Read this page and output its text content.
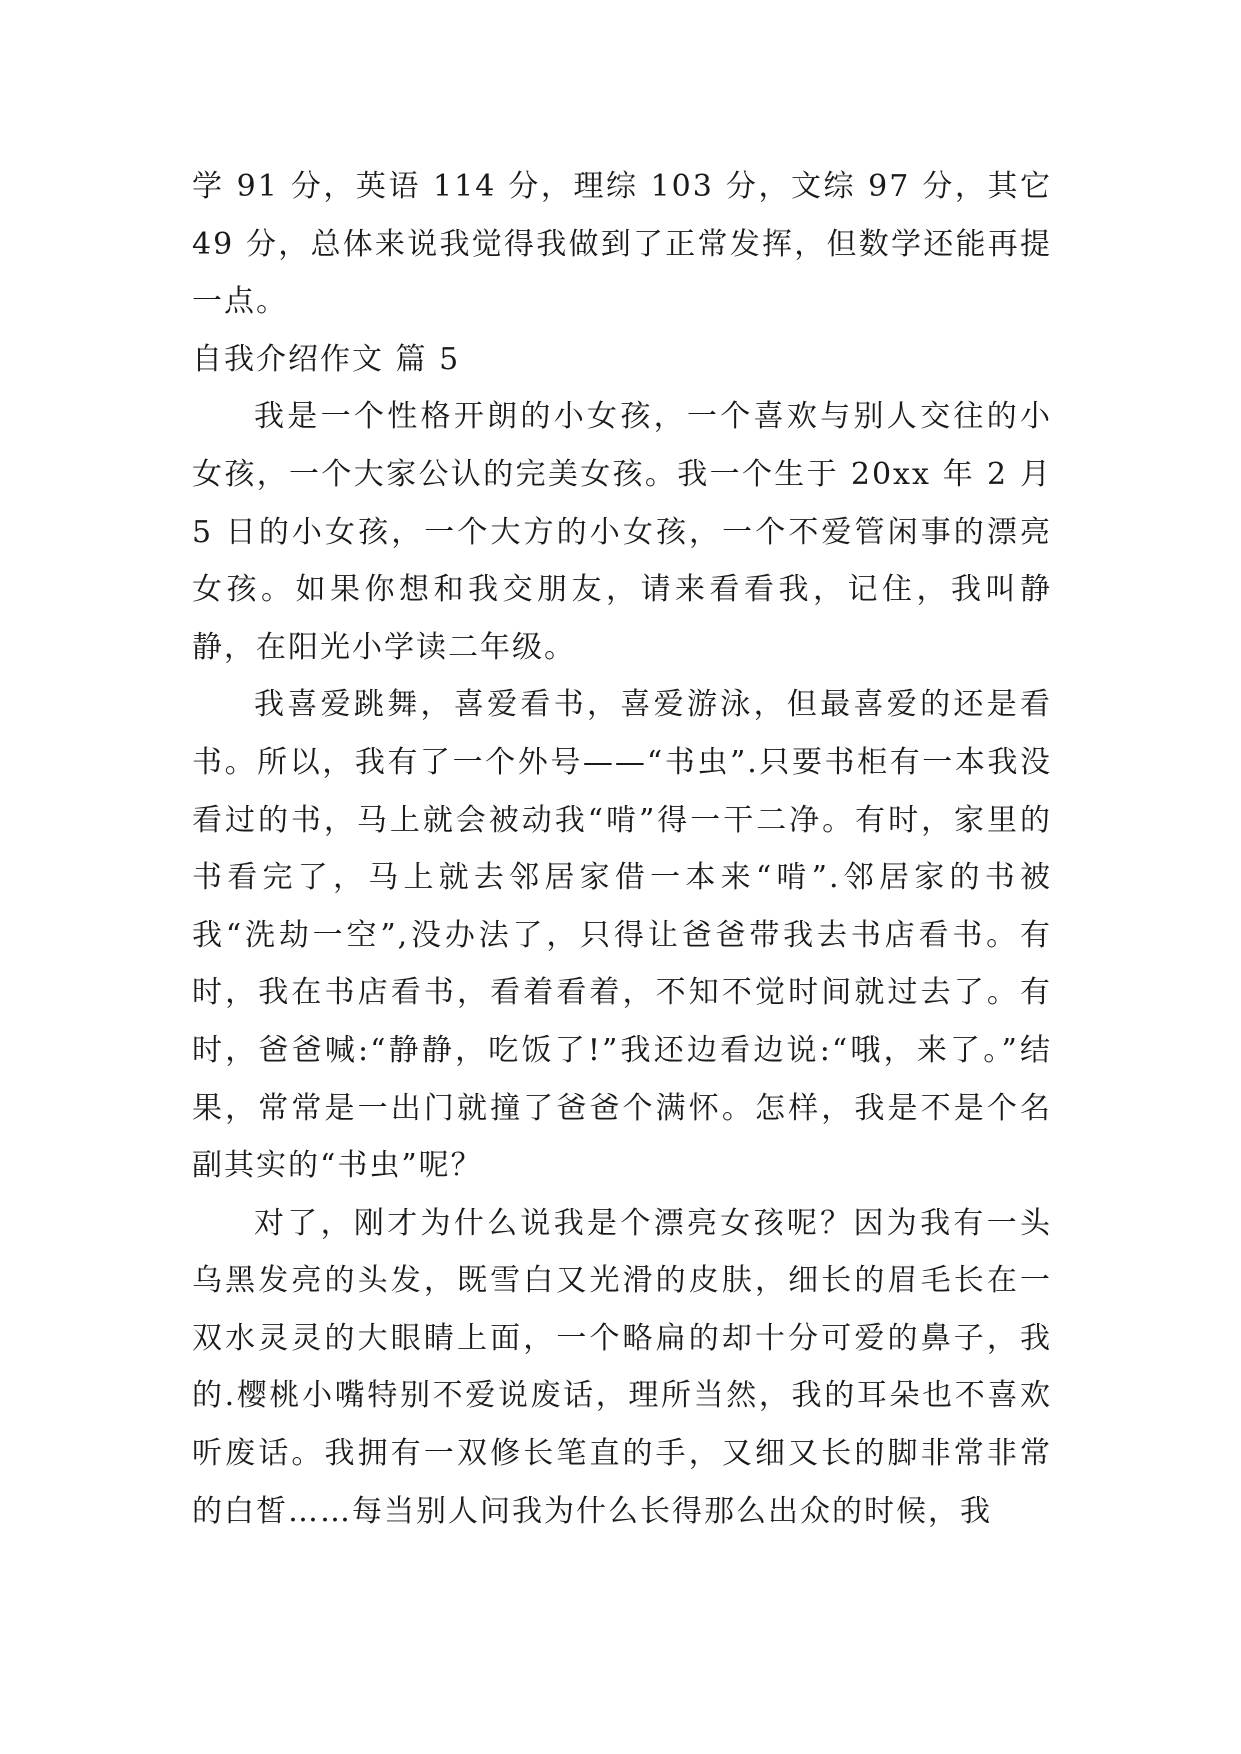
学 91 分，英语 114 分，理综 103 分，文综 97 分，其它 49 分，总体来说我觉得我做到了正常发挥，但数学还能再提一点。

自我介绍作文 篇 5

我是一个性格开朗的小女孩，一个喜欢与别人交往的小女孩，一个大家公认的完美女孩。我一个生于 20xx 年 2 月 5 日的小女孩，一个大方的小女孩，一个不爱管闲事的漂亮女孩。如果你想和我交朋友，请来看看我，记住，我叫静静，在阳光小学读二年级。

我喜爱跳舞，喜爱看书，喜爱游泳，但最喜爱的还是看书。所以，我有了一个外号——“书虫”.只要书柜有一本我没看过的书，马上就会被动我“啃”得一干二净。有时，家里的书看完了，马上就去邻居家借一本来“啃”.邻居家的书被我“洗劫一空”,没办法了，只得让爸爸带我去书店看书。有时，我在书店看书，看着看着，不知不觉时间就过去了。有时，爸爸喊:“静静，吃饭了!”我还边看边说:“哦，来了。”结果，常常是一出门就撞了爸爸个满怀。怎样，我是不是个名副其实的“书虫”呢？

对了，刚才为什么说我是个漂亮女孩呢？因为我有一头乌黑发亮的头发，既雪白又光滑的皮肤，细长的眉毛长在一双水灵灵的大眼睛上面，一个略扁的却十分可爱的鼻子，我的.樱桃小嘴特别不爱说废话，理所当然，我的耳朵也不喜欢听废话。我拥有一双修长笔直的手，又细又长的脚非常非常的白皙……每当别人问我为什么长得那么出众的时候，我
